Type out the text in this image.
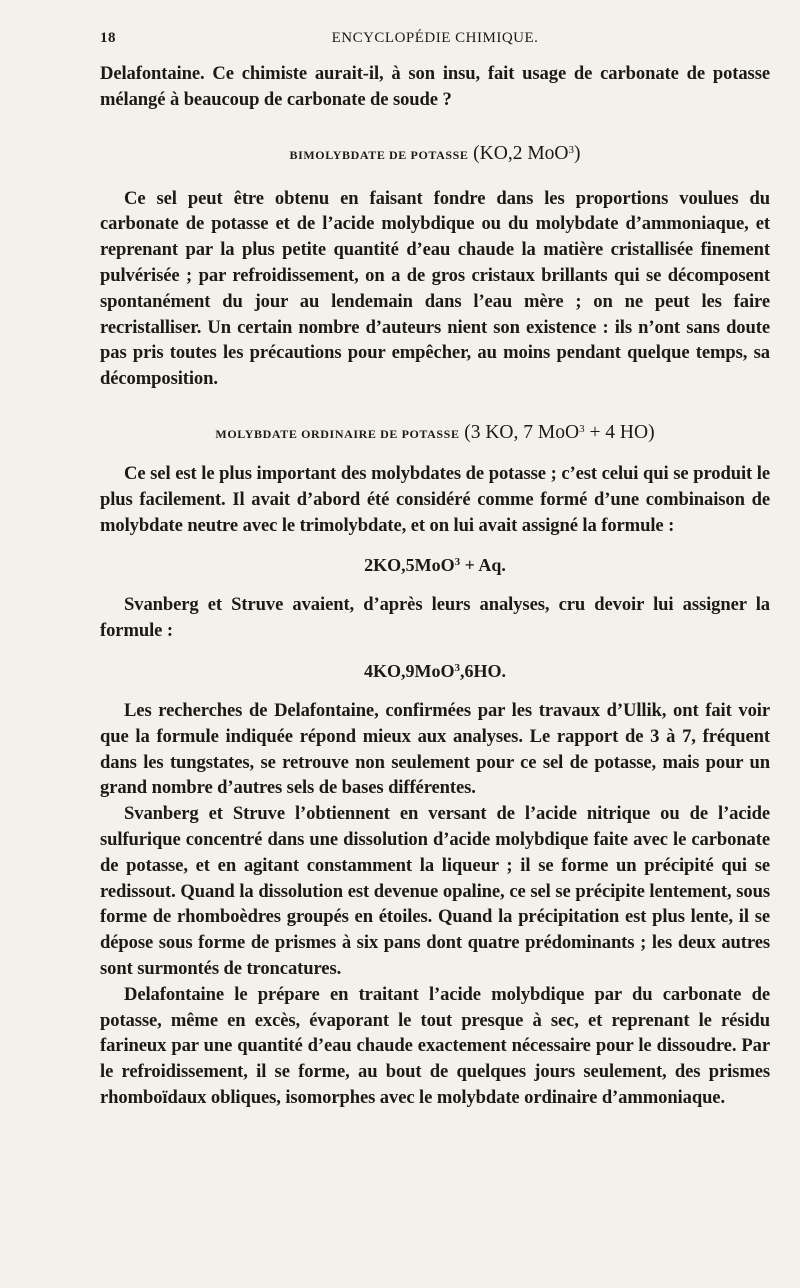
18	ENCYCLOPÉDIE CHIMIQUE.

Delafontaine. Ce chimiste aurait-il, à son insu, fait usage de carbonate de potasse mélangé à beaucoup de carbonate de soude ?

BIMOLYBDATE DE POTASSE (KO,2 MoO$^3$)

Ce sel peut être obtenu en faisant fondre dans les proportions voulues du carbonate de potasse et de l’acide molybdique ou du molybdate d’ammoniaque, et reprenant par la plus petite quantité d’eau chaude la matière cristallisée finement pulvérisée ; par refroidissement, on a de gros cristaux brillants qui se décomposent spontanément du jour au lendemain dans l’eau mère ; on ne peut les faire recristalliser. Un certain nombre d’auteurs nient son existence : ils n’ont sans doute pas pris toutes les précautions pour empêcher, au moins pendant quelque temps, sa décomposition.

MOLYBDATE ORDINAIRE DE POTASSE (3 KO, 7 MoO$^3$ + 4 HO)

Ce sel est le plus important des molybdates de potasse ; c’est celui qui se produit le plus facilement. Il avait d’abord été considéré comme formé d’une combinaison de molybdate neutre avec le trimolybdate, et on lui avait assigné la formule :

2KO,5MoO$^3$ + Aq.

Svanberg et Struve avaient, d’après leurs analyses, cru devoir lui assigner la formule :

4KO,9MoO$^3$,6HO.

Les recherches de Delafontaine, confirmées par les travaux d’Ullik, ont fait voir que la formule indiquée répond mieux aux analyses. Le rapport de 3 à 7, fréquent dans les tungstates, se retrouve non seulement pour ce sel de potasse, mais pour un grand nombre d’autres sels de bases différentes.

Svanberg et Struve l’obtiennent en versant de l’acide nitrique ou de l’acide sulfurique concentré dans une dissolution d’acide molybdique faite avec le carbonate de potasse, et en agitant constamment la liqueur ; il se forme un précipité qui se redissout. Quand la dissolution est devenue opaline, ce sel se précipite lentement, sous forme de rhomboèdres groupés en étoiles. Quand la précipitation est plus lente, il se dépose sous forme de prismes à six pans dont quatre prédominants ; les deux autres sont surmontés de troncatures.

Delafontaine le prépare en traitant l’acide molybdique par du carbonate de potasse, même en excès, évaporant le tout presque à sec, et reprenant le résidu farineux par une quantité d’eau chaude exactement nécessaire pour le dissoudre. Par le refroidissement, il se forme, au bout de quelques jours seulement, des prismes rhomboïdaux obliques, isomorphes avec le molybdate ordinaire d’ammoniaque.
